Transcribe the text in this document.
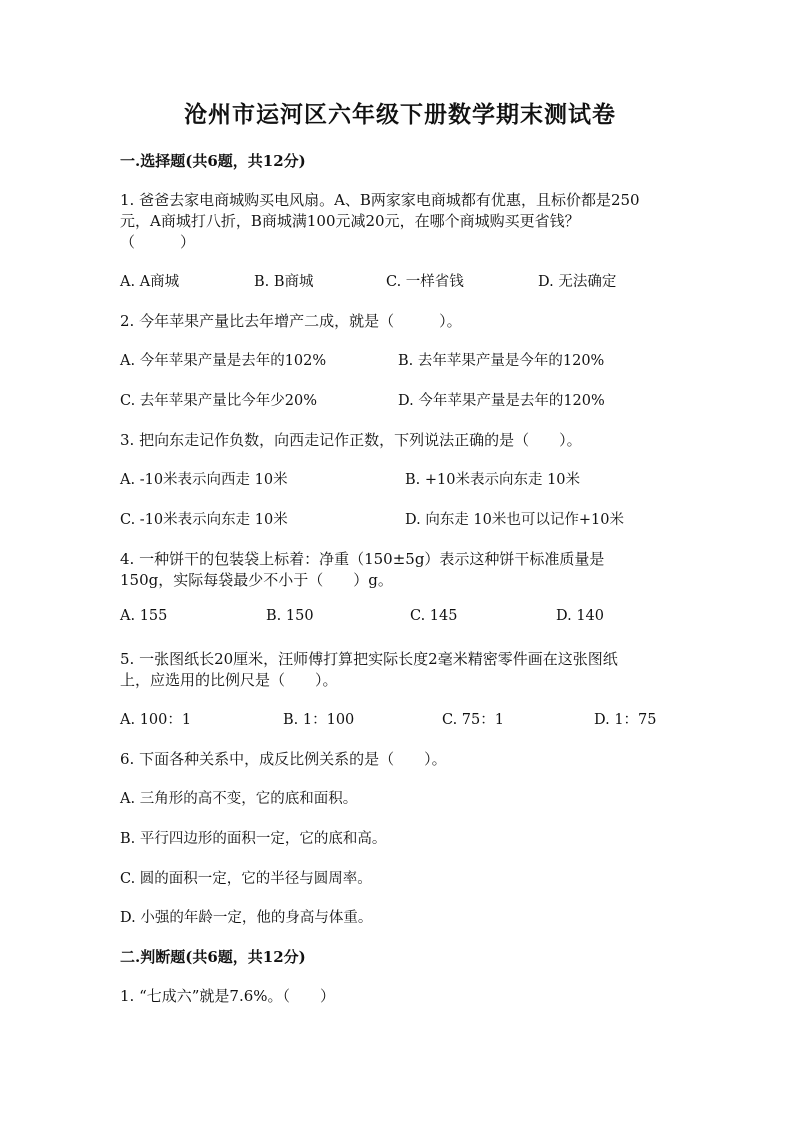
沧州市运河区六年级下册数学期末测试卷
一.选择题(共6题，共12分)
1. 爸爸去家电商城购买电风扇。A、B两家家电商城都有优惠，且标价都是250
元，A商城打八折，B商城满100元减20元，在哪个商城购买更省钱？
（　　　）
A. A商城	B. B商城	C. 一样省钱	D. 无法确定
2. 今年苹果产量比去年增产二成，就是（　　　）。
A. 今年苹果产量是去年的102%	B. 去年苹果产量是今年的120%
C. 去年苹果产量比今年少20%	D. 今年苹果产量是去年的120%
3. 把向东走记作负数，向西走记作正数，下列说法正确的是（　　）。
A. -10米表示向西走 10米	B. +10米表示向东走 10米
C. -10米表示向东走 10米	D. 向东走 10米也可以记作+10米
4. 一种饼干的包装袋上标着：净重（150±5g）表示这种饼干标准质量是
150g，实际每袋最少不小于（　　）g。
A. 155	B. 150	C. 145	D. 140
5. 一张图纸长20厘米，汪师傅打算把实际长度2毫米精密零件画在这张图纸
上，应选用的比例尺是（　　）。
A. 100：1	B. 1：100	C. 75：1	D. 1：75
6. 下面各种关系中，成反比例关系的是（　　）。
A. 三角形的高不变，它的底和面积。
B. 平行四边形的面积一定，它的底和高。
C. 圆的面积一定，它的半径与圆周率。
D. 小强的年龄一定，他的身高与体重。
二.判断题(共6题，共12分)
1. “七成六”就是7.6%。（　　）
